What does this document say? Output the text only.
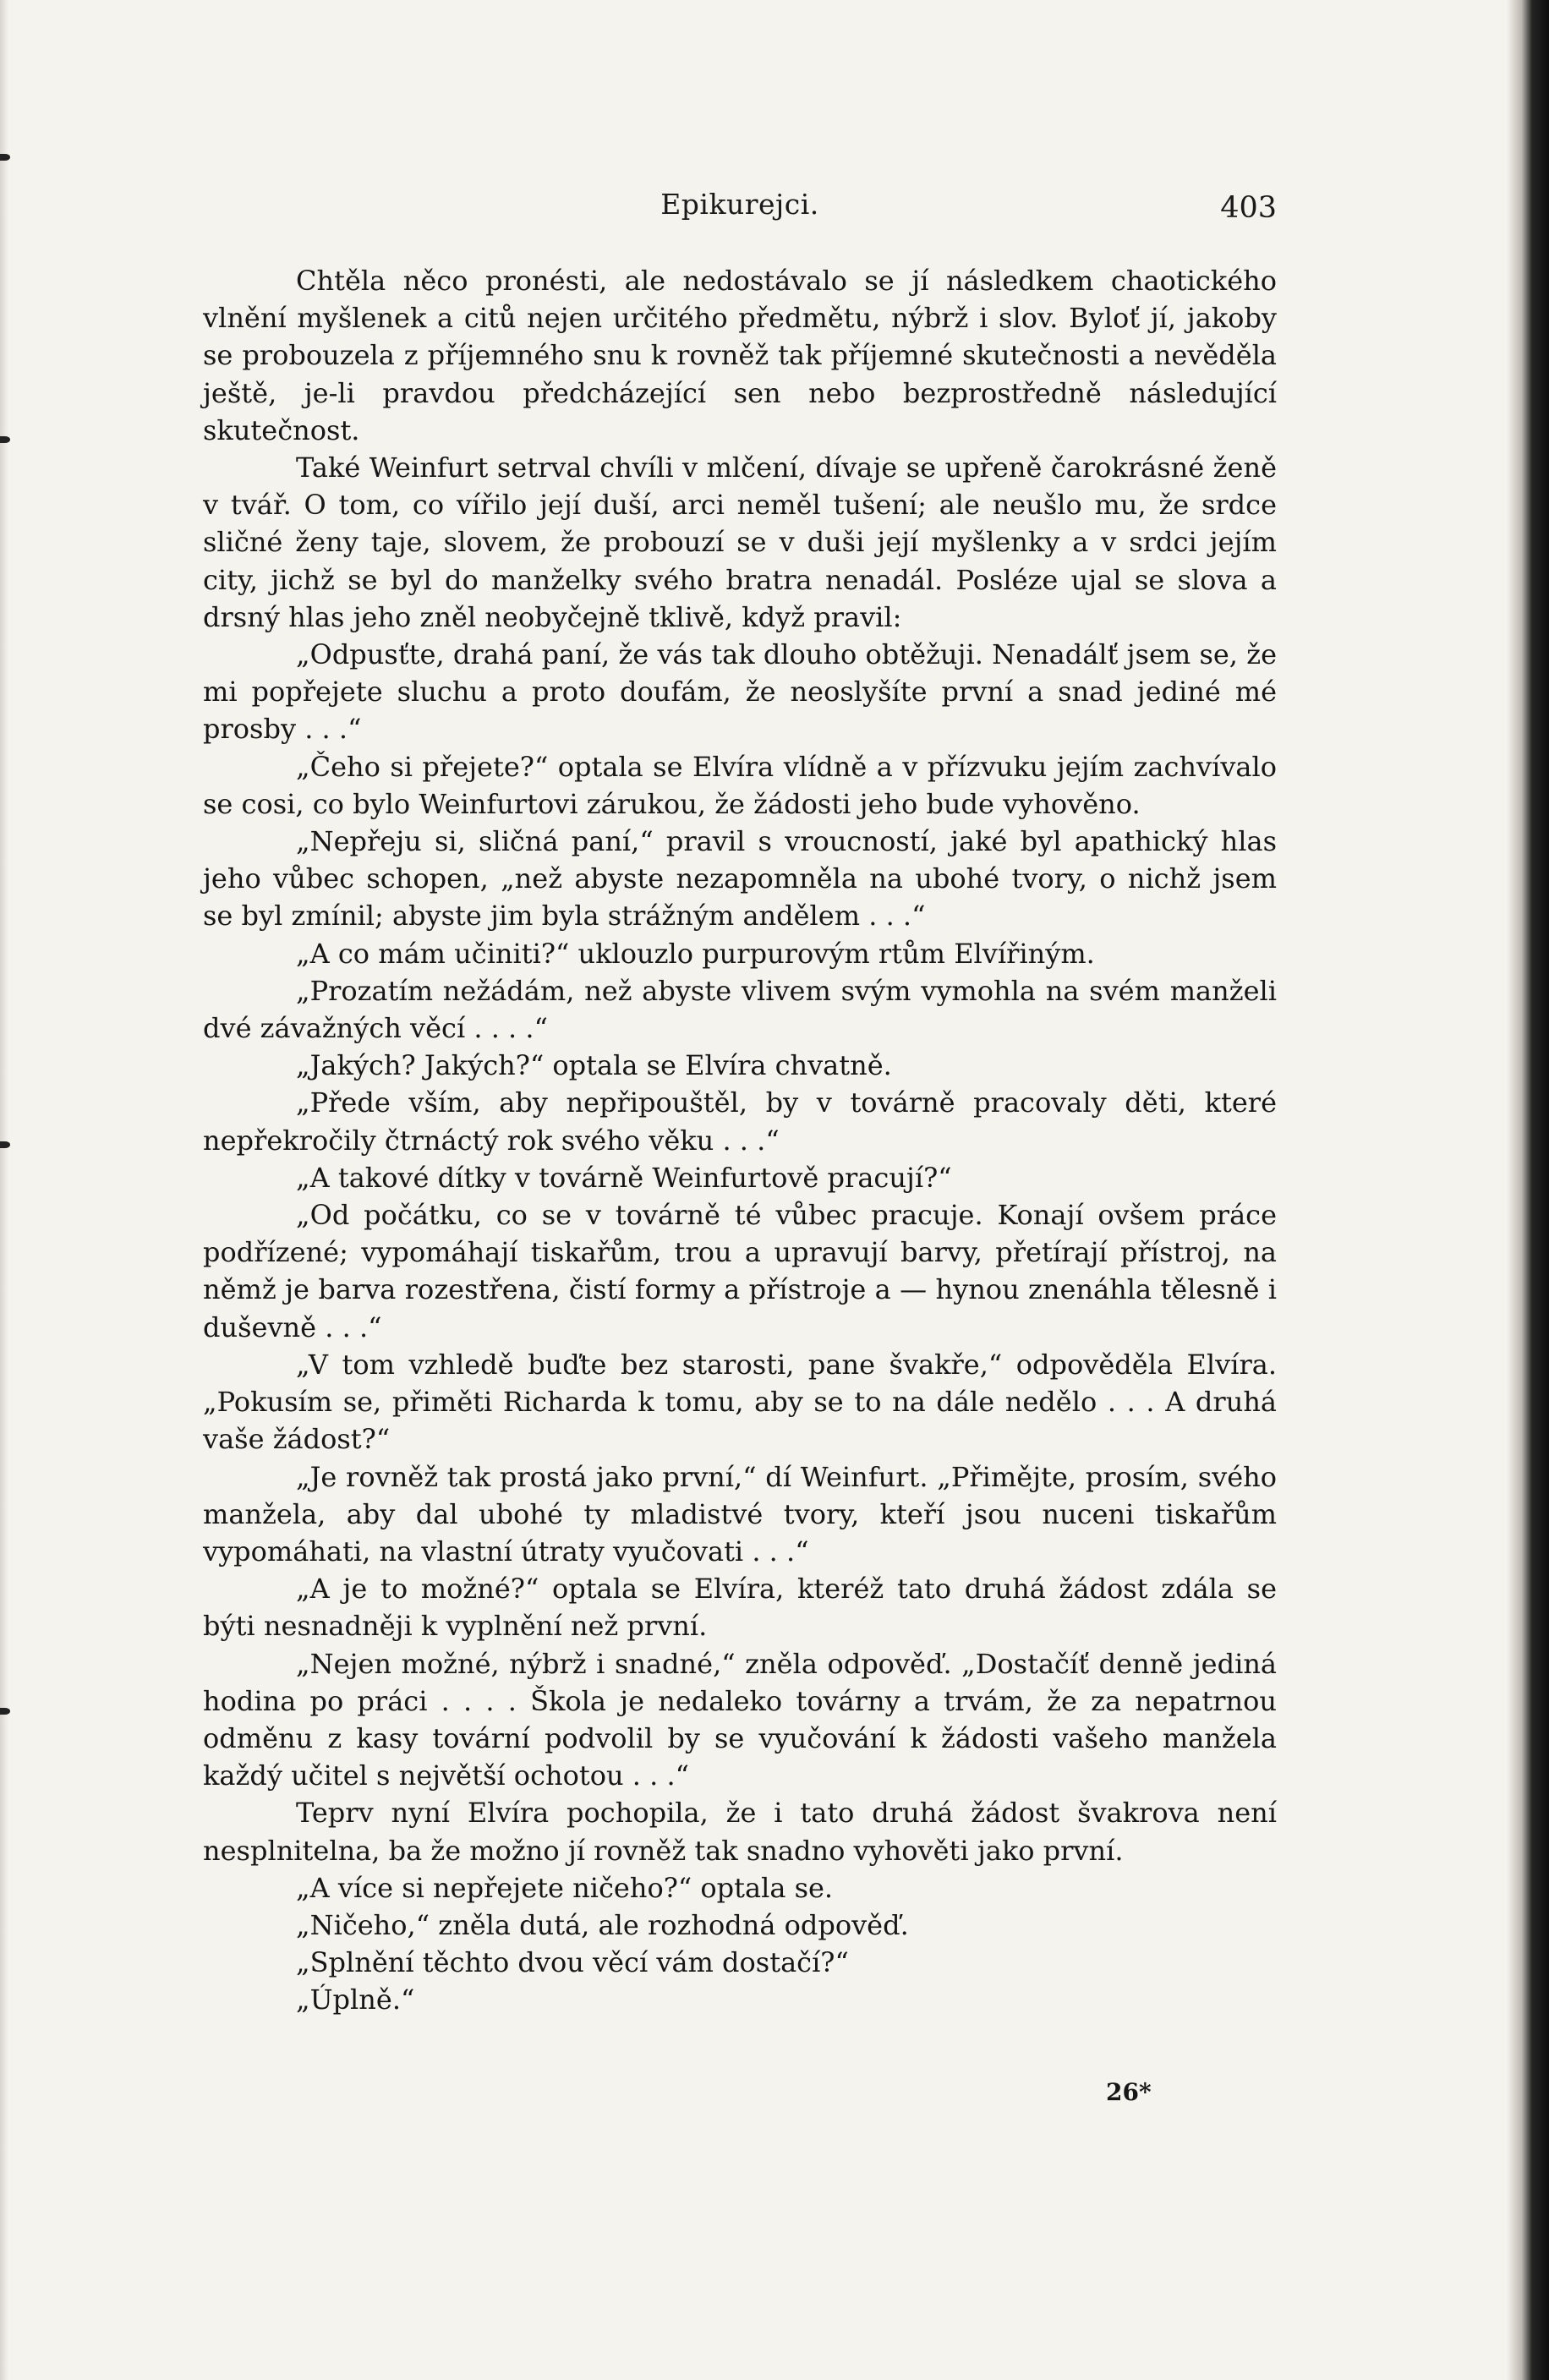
Epikurejci.	403

Chtěla něco pronésti, ale nedostávalo se jí následkem chaotického vlnění myšlenek a citů nejen určitého předmětu, nýbrž i slov. Byloť jí, jakoby se probouzela z příjemného snu k rovněž tak příjemné skutečnosti a nevěděla ještě, je-li pravdou předcházející sen nebo bezprostředně následující skutečnost.

Také Weinfurt setrval chvíli v mlčení, dívaje se upřeně čarokrásné ženě v tvář. O tom, co vířilo její duší, arci neměl tušení; ale neušlo mu, že srdce sličné ženy taje, slovem, že probouzí se v duši její myšlenky a v srdci jejím city, jichž se byl do manželky svého bratra nenadál. Posléze ujal se slova a drsný hlas jeho zněl neobyčejně tklivě, když pravil:

„Odpusťte, drahá paní, že vás tak dlouho obtěžuji. Nenadálť jsem se, že mi popřejete sluchu a proto doufám, že neoslyšíte první a snad jediné mé prosby . . .“

„Čeho si přejete?“ optala se Elvíra vlídně a v přízvuku jejím zachvívalo se cosi, co bylo Weinfurtovi zárukou, že žádosti jeho bude vyhověno.

„Nepřeju si, sličná paní,“ pravil s vroucností, jaké byl apathický hlas jeho vůbec schopen, „než abyste nezapomněla na ubohé tvory, o nichž jsem se byl zmínil; abyste jim byla strážným andělem . . .“

„A co mám učiniti?“ uklouzlo purpurovým rtům Elvířiným.

„Prozatím nežádám, než abyste vlivem svým vymohla na svém manželi dvé závažných věcí . . . .“

„Jakých? Jakých?“ optala se Elvíra chvatně.

„Přede vším, aby nepřipouštěl, by v továrně pracovaly děti, které nepřekročily čtrnáctý rok svého věku . . .“

„A takové dítky v továrně Weinfurtově pracují?“

„Od počátku, co se v továrně té vůbec pracuje. Konají ovšem práce podřízené; vypomáhají tiskařům, trou a upravují barvy, přetírají přístroj, na němž je barva rozestřena, čistí formy a přístroje a — hynou znenáhla tělesně i duševně . . .“

„V tom vzhledě buďte bez starosti, pane švakře,“ odpověděla Elvíra. „Pokusím se, přiměti Richarda k tomu, aby se to na dále nedělo . . . A druhá vaše žádost?“

„Je rovněž tak prostá jako první,“ dí Weinfurt. „Přimějte, prosím, svého manžela, aby dal ubohé ty mladistvé tvory, kteří jsou nuceni tiskařům vypomáhati, na vlastní útraty vyučovati . . .“

„A je to možné?“ optala se Elvíra, kteréž tato druhá žádost zdála se býti nesnadněji k vyplnění než první.

„Nejen možné, nýbrž i snadné,“ zněla odpověď. „Dostačíť denně jediná hodina po práci . . . . Škola je nedaleko továrny a trvám, že za nepatrnou odměnu z kasy tovární podvolil by se vyučování k žádosti vašeho manžela každý učitel s největší ochotou . . .“

Teprv nyní Elvíra pochopila, že i tato druhá žádost švakrova není nesplnitelna, ba že možno jí rovněž tak snadno vyhověti jako první.

„A více si nepřejete ničeho?“ optala se.

„Ničeho,“ zněla dutá, ale rozhodná odpověď.

„Splnění těchto dvou věcí vám dostačí?“

„Úplně.“

26*
